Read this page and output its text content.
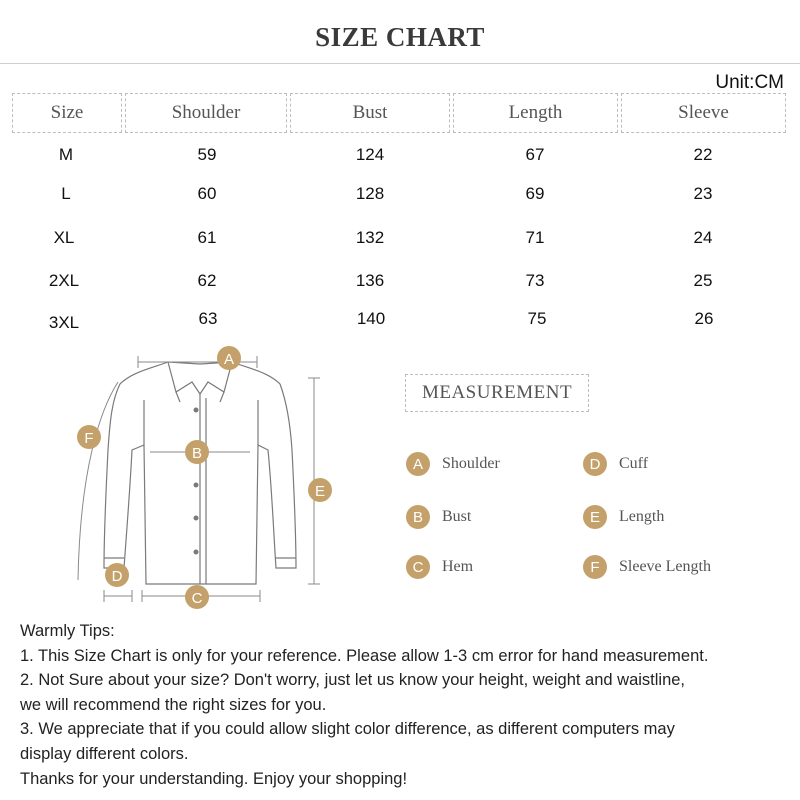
SIZE CHART
Unit:CM
Size	Shoulder	Bust	Length	Sleeve
M	59	124	67	22
L	60	128	69	23
XL	61	132	71	24
2XL	62	136	73	25
3XL	63	140	75	26
A
B
C
D
E
F
MEASUREMENT
A	Shoulder
B	Bust
C	Hem
D	Cuff
E	Length
F	Sleeve Length
Warmly Tips:
1. This Size Chart is only for your reference. Please allow 1-3 cm error for hand measurement.
2. Not Sure about your size? Don't worry, just let us know your height, weight and waistline,
we will recommend the right sizes for you.
3. We appreciate that if you could allow slight color difference, as different computers may
display different colors.
Thanks for your understanding. Enjoy your shopping!
